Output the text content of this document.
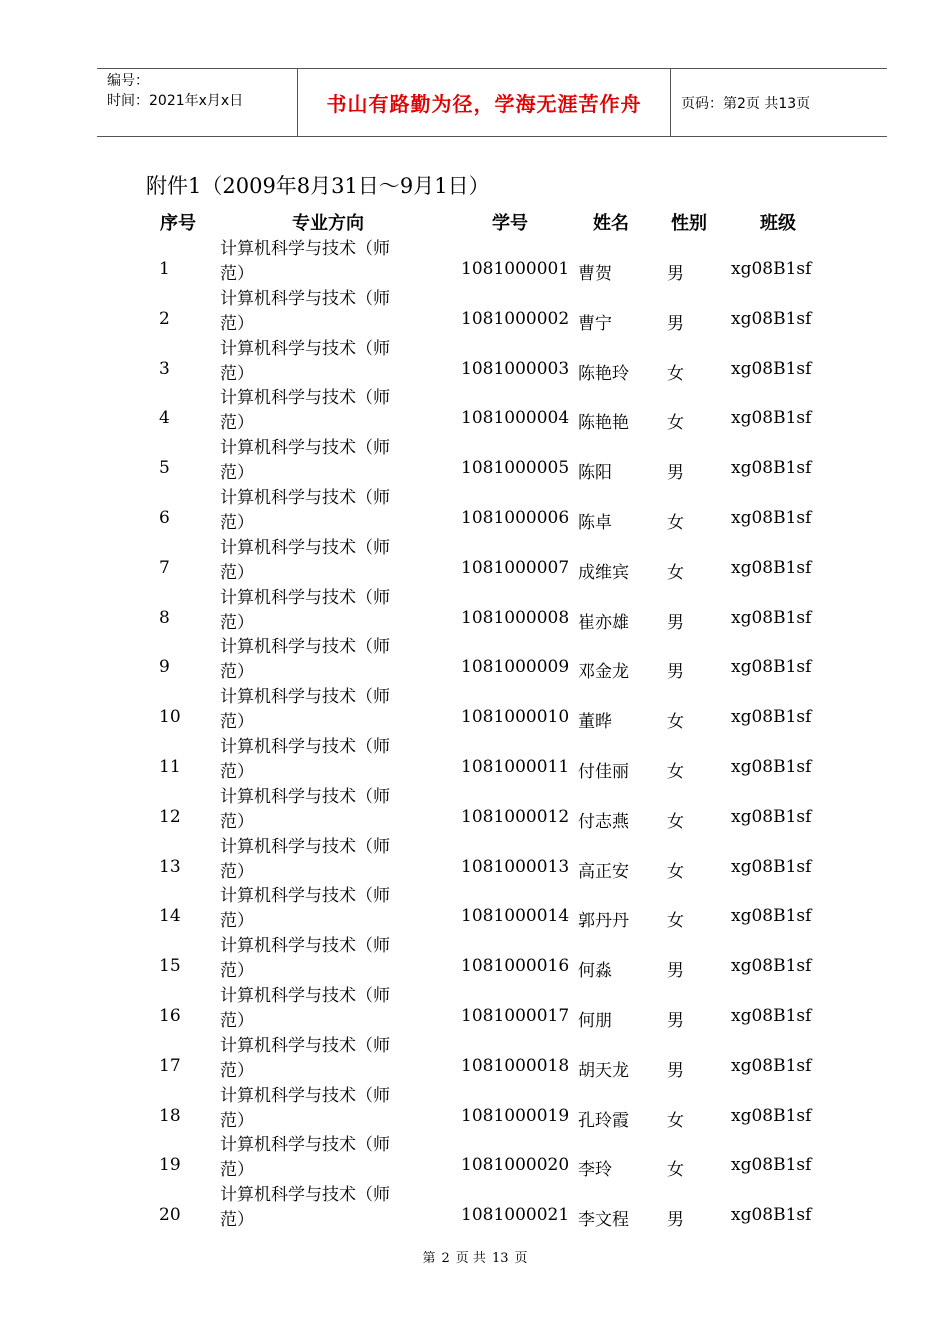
编号：
时间：2021年x月x日	书山有路勤为径，学海无涯苦作舟	页码：第2页 共13页
附件1（2009年8月31日～9月1日）
序号	专业方向	学号	姓名 性别	班级
1
计算机科学与技术（师
范）	1081000001 曹贺	男	xg08B1sf
2
计算机科学与技术（师
范）	1081000002 曹宁	男	xg08B1sf
3
计算机科学与技术（师
范）	1081000003 陈艳玲 女	xg08B1sf
4
计算机科学与技术（师
范）	1081000004 陈艳艳 女	xg08B1sf
5
计算机科学与技术（师
范）	1081000005 陈阳	男	xg08B1sf
6
计算机科学与技术（师
范）	1081000006 陈卓	女	xg08B1sf
7
计算机科学与技术（师
范）	1081000007 成维宾 女	xg08B1sf
8
计算机科学与技术（师
范）	1081000008 崔亦雄 男	xg08B1sf
9
计算机科学与技术（师
范）	1081000009 邓金龙 男	xg08B1sf
10
计算机科学与技术（师
范）	1081000010 董晔	女	xg08B1sf
11
计算机科学与技术（师
范）	1081000011 付佳丽 女	xg08B1sf
12
计算机科学与技术（师
范）	1081000012 付志燕 女	xg08B1sf
13
计算机科学与技术（师
范）	1081000013 高正安 女	xg08B1sf
14
计算机科学与技术（师
范）	1081000014 郭丹丹 女	xg08B1sf
15
计算机科学与技术（师
范）	1081000016 何淼	男	xg08B1sf
16
计算机科学与技术（师
范）	1081000017 何朋	男	xg08B1sf
17
计算机科学与技术（师
范）	1081000018 胡天龙 男	xg08B1sf
18
计算机科学与技术（师
范）	1081000019 孔玲霞 女	xg08B1sf
19
计算机科学与技术（师
范）	1081000020 李玲	女	xg08B1sf
20
计算机科学与技术（师
范）	1081000021 李文程 男	xg08B1sf
第 2 页 共 13 页
